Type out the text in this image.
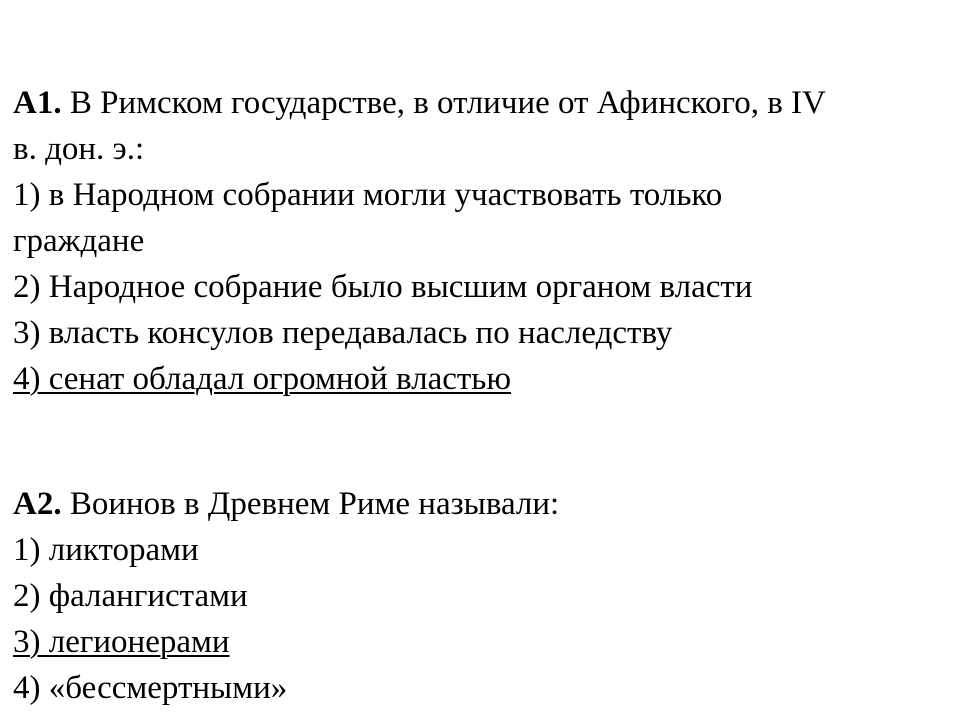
А1. В Римском государстве, в отличие от Афинского, в IV
в. дон. э.:
1) в Народном собрании могли участвовать только
граждане
2) Народное собрание было высшим органом власти
3) власть консулов передавалась по наследству
4) сенат обладал огромной властью
А2. Воинов в Древнем Риме называли:
1) ликторами
2) фалангистами
3) легионерами
4) «бессмертными»
